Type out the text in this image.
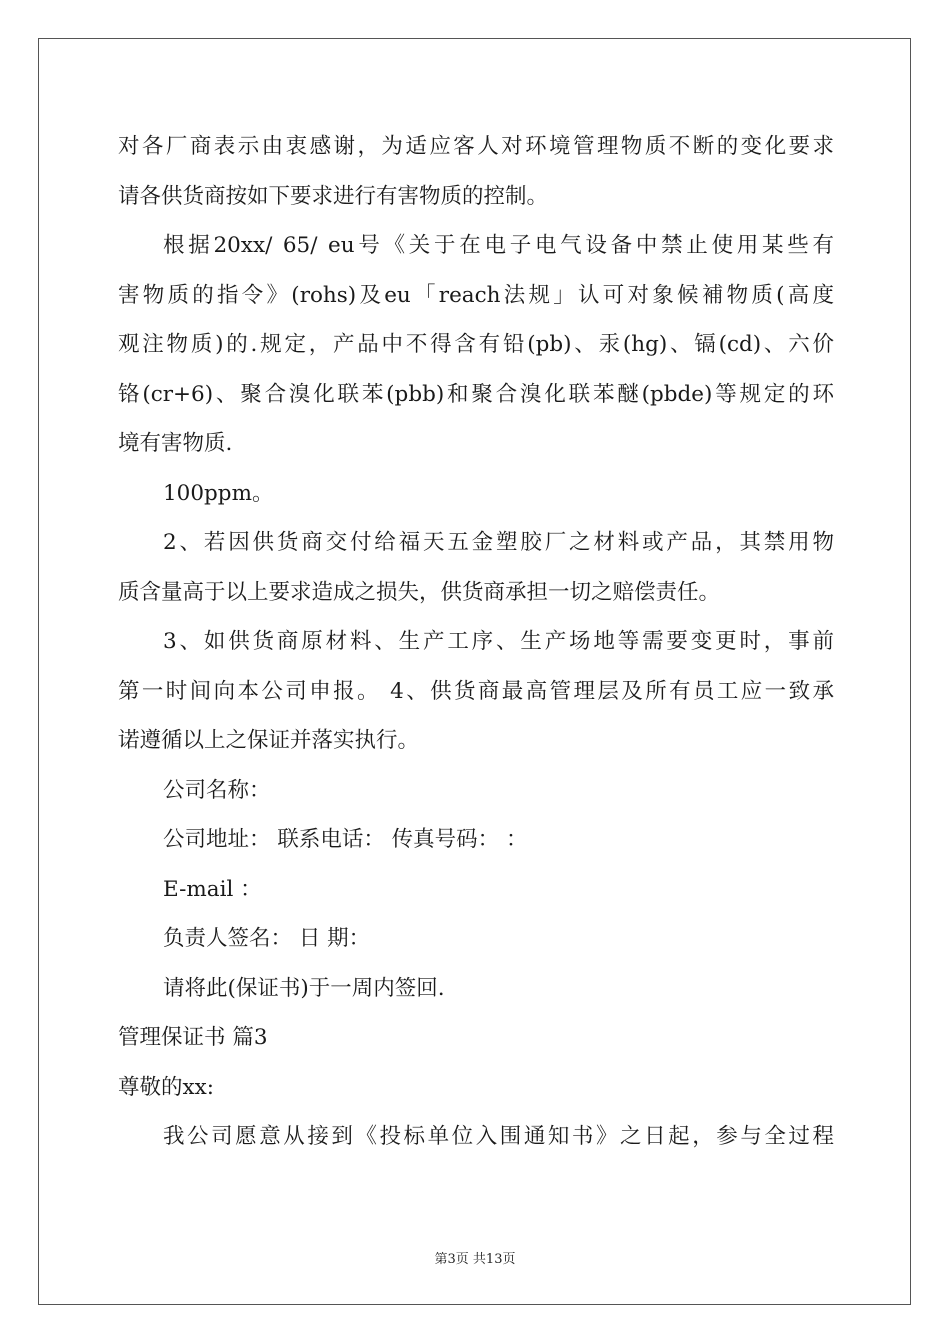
对各厂商表示由衷感谢，为适应客人对环境管理物质不断的变化要求
请各供货商按如下要求进行有害物质的控制。
根据20xx/ 65/ eu号《关于在电子电气设备中禁止使用某些有
害物质的指令》(rohs)及eu「reach法规」认可对象候補物质(高度
观注物质)的.规定，产品中不得含有铅(pb)、汞(hg)、镉(cd)、六价
铬(cr+6)、聚合溴化联苯(pbb)和聚合溴化联苯醚(pbde)等规定的环
境有害物质.
100ppm。
2、若因供货商交付给福天五金塑胶厂之材料或产品，其禁用物
质含量高于以上要求造成之损失，供货商承担一切之赔偿责任。
3、如供货商原材料、生产工序、生产场地等需要变更时，事前
第一时间向本公司申报。 4、供货商最高管理层及所有员工应一致承
诺遵循以上之保证并落实执行。
公司名称：
公司地址： 联系电话： 传真号码： ：
E-mail ：
负责人签名： 日 期：
请将此(保证书)于一周内签回.
管理保证书 篇3
尊敬的xx:
我公司愿意从接到《投标单位入围通知书》之日起，参与全过程
第3页 共13页
